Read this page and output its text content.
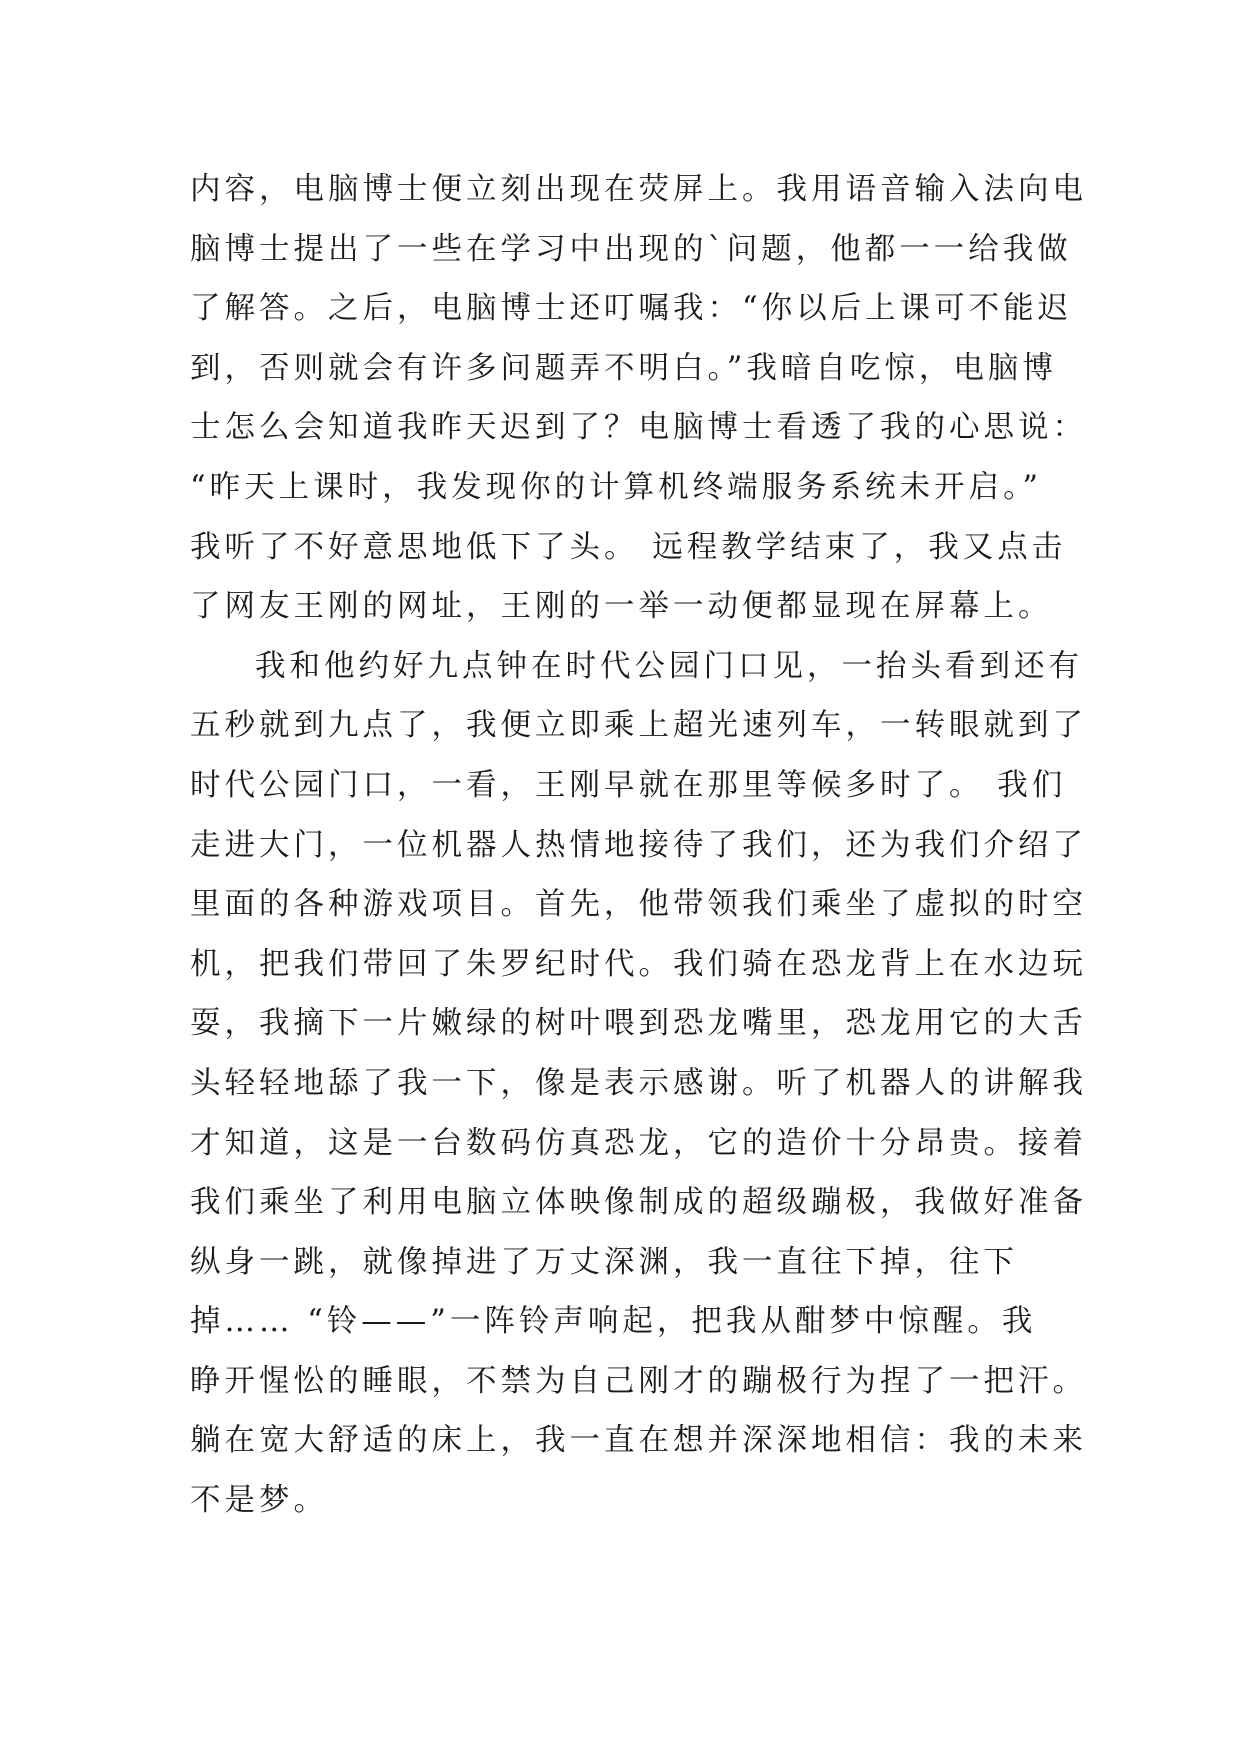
内容，电脑博士便立刻出现在荧屏上。我用语音输入法向电
脑博士提出了一些在学习中出现的`问题，他都一一给我做
了解答。之后，电脑博士还叮嘱我：“你以后上课可不能迟
到，否则就会有许多问题弄不明白。”我暗自吃惊，电脑博
士怎么会知道我昨天迟到了？电脑博士看透了我的心思说：
“昨天上课时，我发现你的计算机终端服务系统未开启。”
我听了不好意思地低下了头。 远程教学结束了，我又点击
了网友王刚的网址，王刚的一举一动便都显现在屏幕上。
我和他约好九点钟在时代公园门口见，一抬头看到还有
五秒就到九点了，我便立即乘上超光速列车，一转眼就到了
时代公园门口，一看，王刚早就在那里等候多时了。 我们
走进大门，一位机器人热情地接待了我们，还为我们介绍了
里面的各种游戏项目。首先，他带领我们乘坐了虚拟的时空
机，把我们带回了朱罗纪时代。我们骑在恐龙背上在水边玩
耍，我摘下一片嫩绿的树叶喂到恐龙嘴里，恐龙用它的大舌
头轻轻地舔了我一下，像是表示感谢。听了机器人的讲解我
才知道，这是一台数码仿真恐龙，它的造价十分昂贵。接着
我们乘坐了利用电脑立体映像制成的超级蹦极，我做好准备
纵身一跳，就像掉进了万丈深渊，我一直往下掉，往下
掉…… “铃——”一阵铃声响起，把我从酣梦中惊醒。我
睁开惺忪的睡眼，不禁为自己刚才的蹦极行为捏了一把汗。
躺在宽大舒适的床上，我一直在想并深深地相信：我的未来
不是梦。
